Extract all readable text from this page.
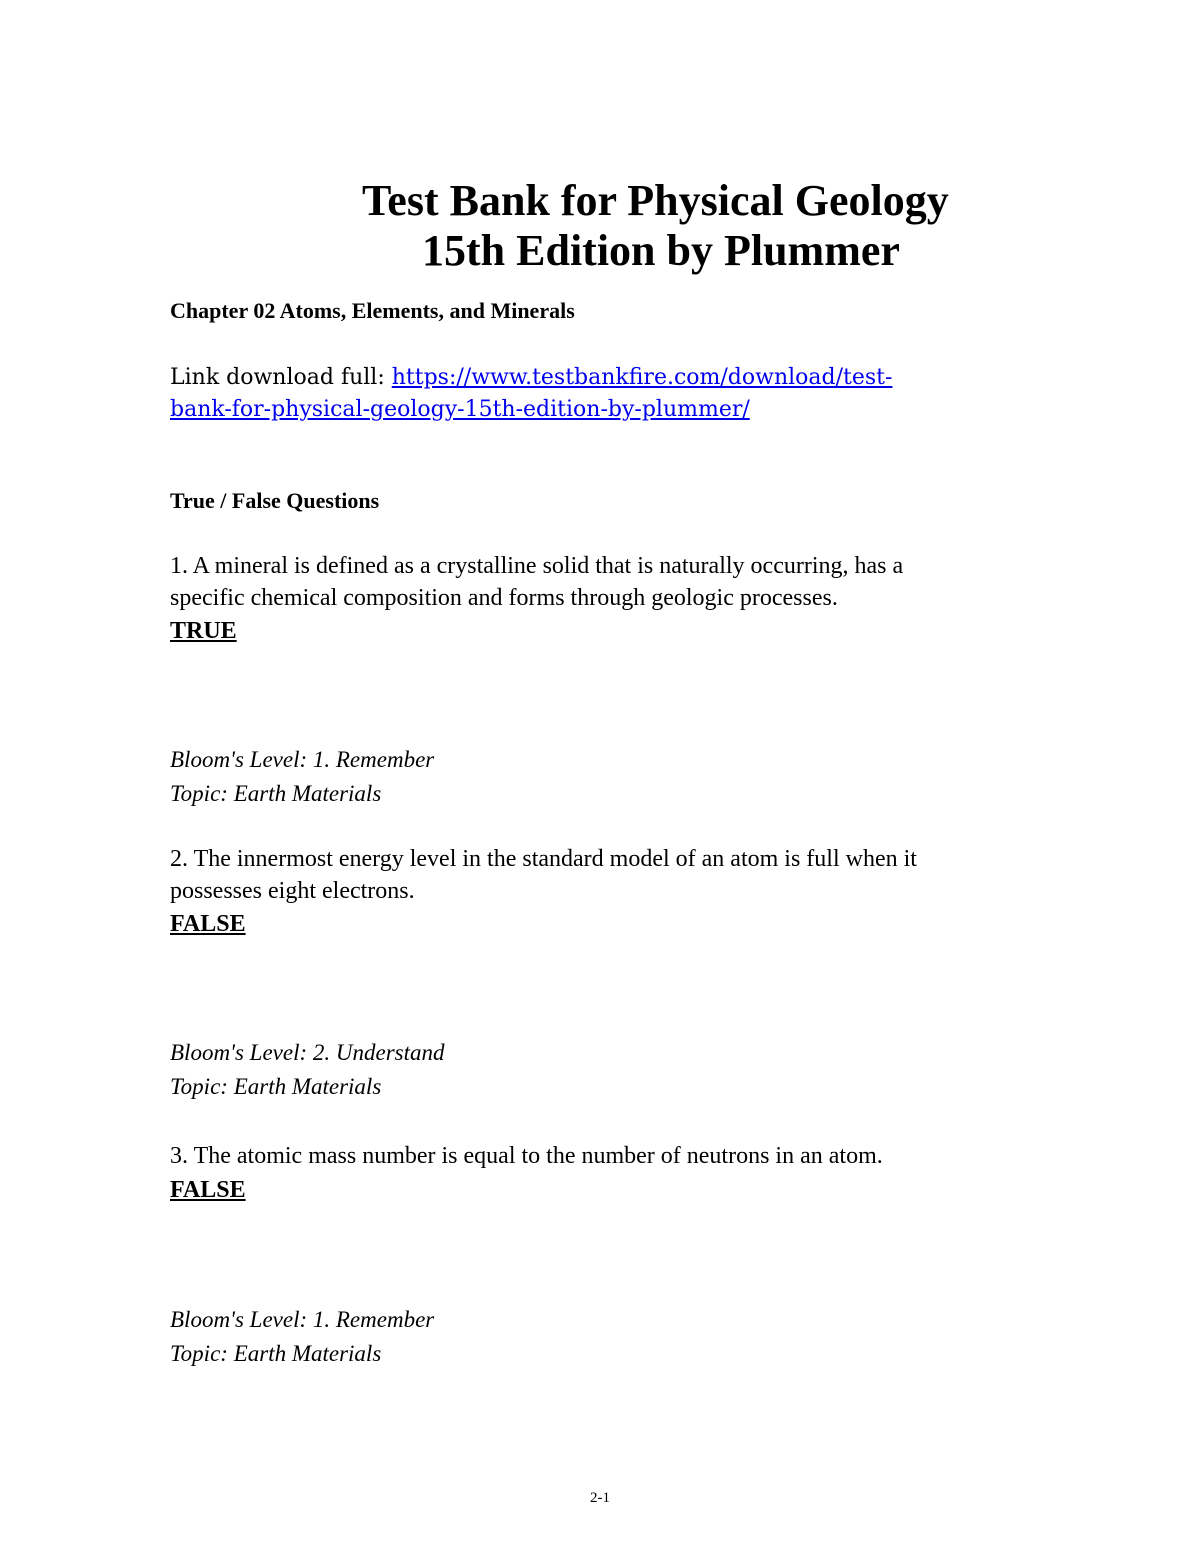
Test Bank for Physical Geology
15th Edition by Plummer
Chapter 02 Atoms, Elements, and Minerals
Link download full: https://www.testbankfire.com/download/test-
bank-for-physical-geology-15th-edition-by-plummer/
True / False Questions
1. A mineral is defined as a crystalline solid that is naturally occurring, has a
specific chemical composition and forms through geologic processes.
TRUE
Bloom's Level: 1. Remember
Topic: Earth Materials
2. The innermost energy level in the standard model of an atom is full when it
possesses eight electrons.
FALSE
Bloom's Level: 2. Understand
Topic: Earth Materials
3. The atomic mass number is equal to the number of neutrons in an atom.
FALSE
Bloom's Level: 1. Remember
Topic: Earth Materials
2-1
